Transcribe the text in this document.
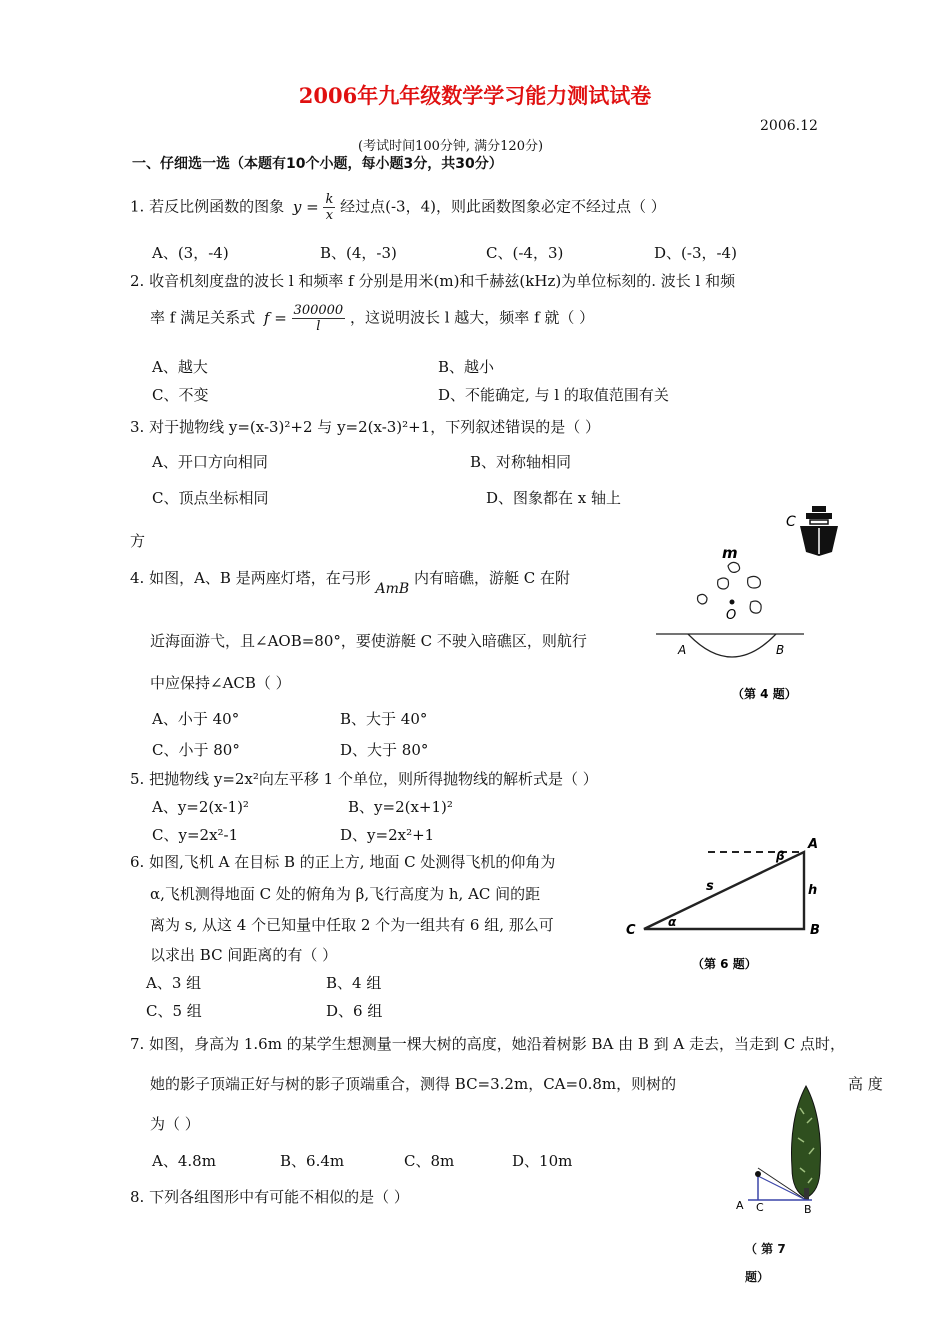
2006年九年级数学学习能力测试试卷
2006.12
(考试时间100分钟, 满分120分)
一、仔细选一选（本题有10个小题，每小题3分，共30分）
1. 若反比例函数的图象 $y = \frac{k}{x}$ 经过点(-3，4)，则此函数图象必定不经过点（ ）
A、(3，-4)	B、(4，-3)	C、(-4，3)	D、(-3，-4)
2. 收音机刻度盘的波长 l 和频率 f 分别是用米(m)和千赫兹(kHz)为单位标刻的. 波长 l 和频
率 f 满足关系式 $f = \frac{300000}{l}$ ，这说明波长 l 越大，频率 f 就（ ）
A、越大	B、越小
C、不变	D、不能确定, 与 l 的取值范围有关
3. 对于抛物线 y=(x-3)²+2 与 y=2(x-3)²+1，下列叙述错误的是（ ）
A、开口方向相同	B、对称轴相同
C、顶点坐标相同	D、图象都在 x 轴上
方
4. 如图，A、B 是两座灯塔，在弓形 AmB 内有暗礁，游艇 C 在附
近海面游弋，且∠AOB=80°，要使游艇 C 不驶入暗礁区，则航行
中应保持∠ACB（ ）
A、小于 40°	B、大于 40°
C、小于 80°	D、大于 80°
C
m
O
A	B
（第 4 题）
5. 把抛物线 y=2x²向左平移 1 个单位，则所得抛物线的解析式是（ ）
A、y=2(x-1)²	B、y=2(x+1)²
C、y=2x²-1	D、y=2x²+1
6. 如图,飞机 A 在目标 B 的正上方, 地面 C 处测得飞机的仰角为
α,飞机测得地面 C 处的俯角为 β,飞行高度为 h, AC 间的距
离为 s, 从这 4 个已知量中任取 2 个为一组共有 6 组, 那么可
以求出 BC 间距离的有（ ）
A、3 组	B、4 组
C、5 组	D、6 组
A
B
C
β
α
s	h
（第 6 题）
7. 如图，身高为 1.6m 的某学生想测量一棵大树的高度，她沿着树影 BA 由 B 到 A 走去，当走到 C 点时，
她的影子顶端正好与树的影子顶端重合，测得 BC=3.2m，CA=0.8m，则树的	高 度
为（ ）
A、4.8m	B、6.4m	C、8m	D、10m
A C	B
（ 第 7
题）
8. 下列各组图形中有可能不相似的是（ ）
